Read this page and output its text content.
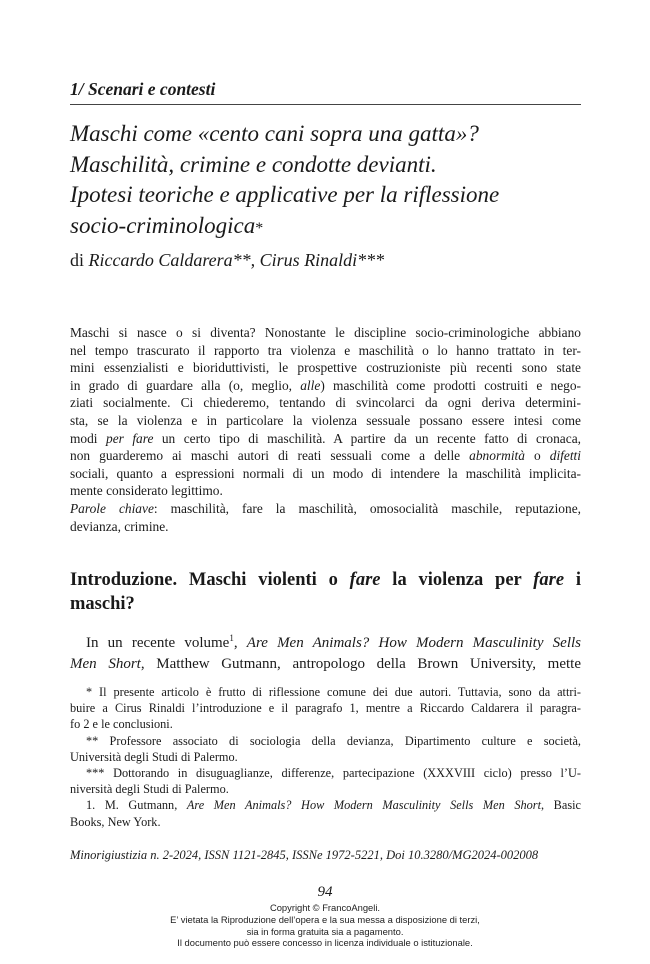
1/ Scenari e contesti
Maschi come «cento cani sopra una gatta»?
Maschilità, crimine e condotte devianti.
Ipotesi teoriche e applicative per la riflessione
socio-criminologica*
di Riccardo Caldarera**, Cirus Rinaldi***
Maschi si nasce o si diventa? Nonostante le discipline socio-criminologiche abbiano
nel tempo trascurato il rapporto tra violenza e maschilità o lo hanno trattato in ter-
mini essenzialisti e bioriduttivisti, le prospettive costruzioniste più recenti sono state
in grado di guardare alla (o, meglio, alle) maschilità come prodotti costruiti e nego-
ziati socialmente. Ci chiederemo, tentando di svincolarci da ogni deriva determini-
sta, se la violenza e in particolare la violenza sessuale possano essere intesi come
modi per fare un certo tipo di maschilità. A partire da un recente fatto di cronaca,
non guarderemo ai maschi autori di reati sessuali come a delle abnormità o difetti
sociali, quanto a espressioni normali di un modo di intendere la maschilità implicita-
mente considerato legittimo.
Parole chiave: maschilità, fare la maschilità, omosocialità maschile, reputazione,
devianza, crimine.
Introduzione. Maschi violenti o fare la violenza per fare i
maschi?
In un recente volume$^1$, Are Men Animals? How Modern Masculinity Sells
Men Short, Matthew Gutmann, antropologo della Brown University, mette
* Il presente articolo è frutto di riflessione comune dei due autori. Tuttavia, sono da attri-
buire a Cirus Rinaldi l’introduzione e il paragrafo 1, mentre a Riccardo Caldarera il paragra-
fo 2 e le conclusioni.
** Professore associato di sociologia della devianza, Dipartimento culture e società,
Università degli Studi di Palermo.
*** Dottorando in disuguaglianze, differenze, partecipazione (XXXVIII ciclo) presso l’U-
niversità degli Studi di Palermo.
1. M. Gutmann, Are Men Animals? How Modern Masculinity Sells Men Short, Basic
Books, New York.
Minorigiustizia n. 2-2024, ISSN 1121-2845, ISSNe 1972-5221, Doi 10.3280/MG2024-002008
94
Copyright © FrancoAngeli.
E’ vietata la Riproduzione dell’opera e la sua messa a disposizione di terzi,
sia in forma gratuita sia a pagamento.
Il documento può essere concesso in licenza individuale o istituzionale.
